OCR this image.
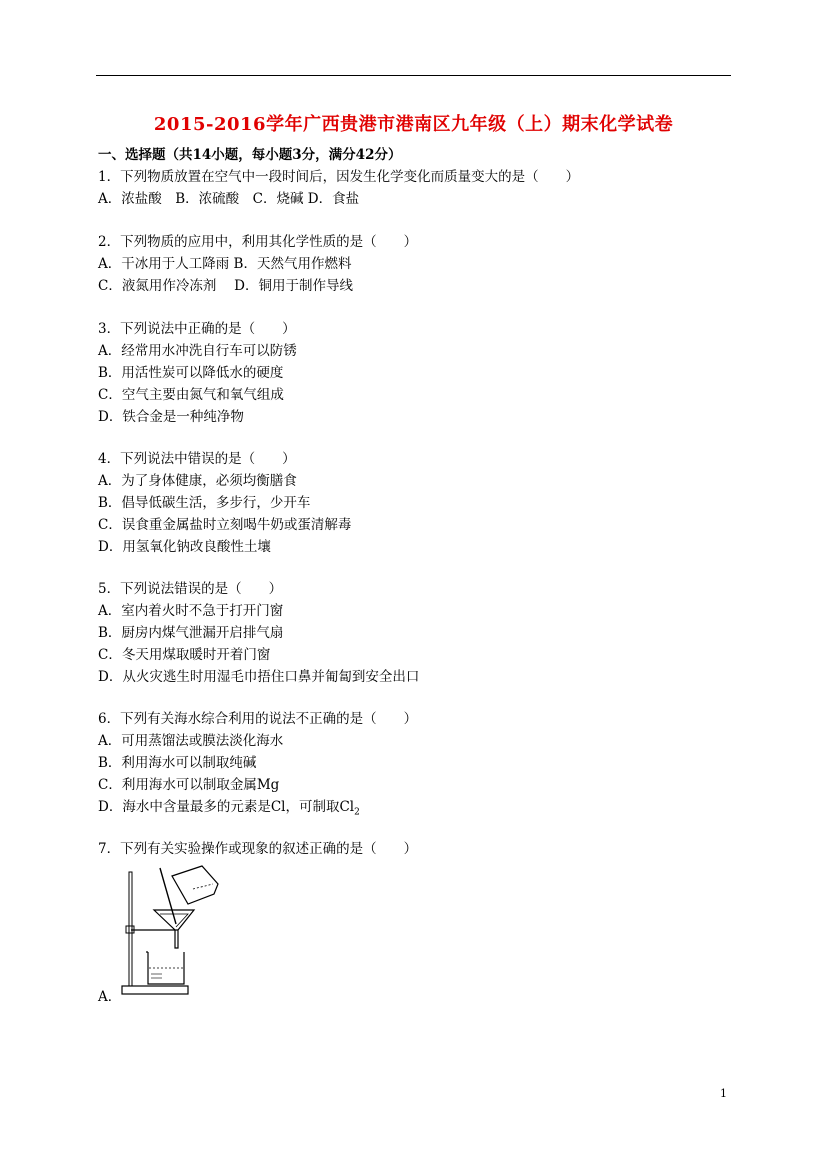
2015-2016学年广西贵港市港南区九年级（上）期末化学试卷
一、选择题（共14小题，每小题3分，满分42分）
1．下列物质放置在空气中一段时间后，因发生化学变化而质量变大的是（　　）
A．浓盐酸　B．浓硫酸　C．烧碱 D．食盐
2．下列物质的应用中，利用其化学性质的是（　　）
A．干冰用于人工降雨 B．天然气用作燃料
C．液氮用作冷冻剂　 D．铜用于制作导线
3．下列说法中正确的是（　　）
A．经常用水冲洗自行车可以防锈
B．用活性炭可以降低水的硬度
C．空气主要由氮气和氧气组成
D．铁合金是一种纯净物
4．下列说法中错误的是（　　）
A．为了身体健康，必须均衡膳食
B．倡导低碳生活，多步行，少开车
C．误食重金属盐时立刻喝牛奶或蛋清解毒
D．用氢氧化钠改良酸性土壤
5．下列说法错误的是（　　）
A．室内着火时不急于打开门窗
B．厨房内煤气泄漏开启排气扇
C．冬天用煤取暖时开着门窗
D．从火灾逃生时用湿毛巾捂住口鼻并匍匐到安全出口
6．下列有关海水综合利用的说法不正确的是（　　）
A．可用蒸馏法或膜法淡化海水
B．利用海水可以制取纯碱
C．利用海水可以制取金属Mg
D．海水中含量最多的元素是Cl，可制取$Cl_2$
7．下列有关实验操作或现象的叙述正确的是（　　）
A．
1
